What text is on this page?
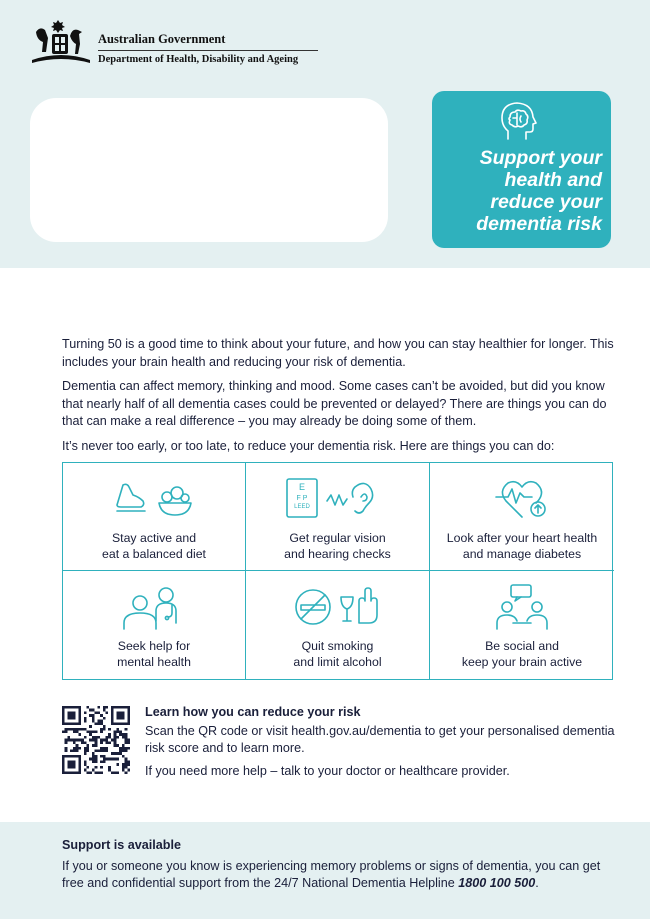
Australian Government
Department of Health, Disability and Ageing
Support your health and reduce your dementia risk

Turning 50 is a good time to think about your future, and how you can stay healthier for longer. This includes your brain health and reducing your risk of dementia.

Dementia can affect memory, thinking and mood. Some cases can’t be avoided, but did you know that nearly half of all dementia cases could be prevented or delayed? There are things you can do that can make a real difference – you may already be doing some of them.

It’s never too early, or too late, to reduce your dementia risk. Here are things you can do:

Stay active and
eat a balanced diet
E
F P
LEED
Get regular vision
and hearing checks
Look after your heart health
and manage diabetes
Seek help for
mental health
Quit smoking
and limit alcohol
Be social and
keep your brain active
Learn how you can reduce your risk

Scan the QR code or visit health.gov.au/dementia to get your personalised dementia risk score and to learn more.

If you need more help – talk to your doctor or healthcare provider.

Support is available

If you or someone you know is experiencing memory problems or signs of dementia, you can get free and confidential support from the 24/7 National Dementia Helpline 1800 100 500.
